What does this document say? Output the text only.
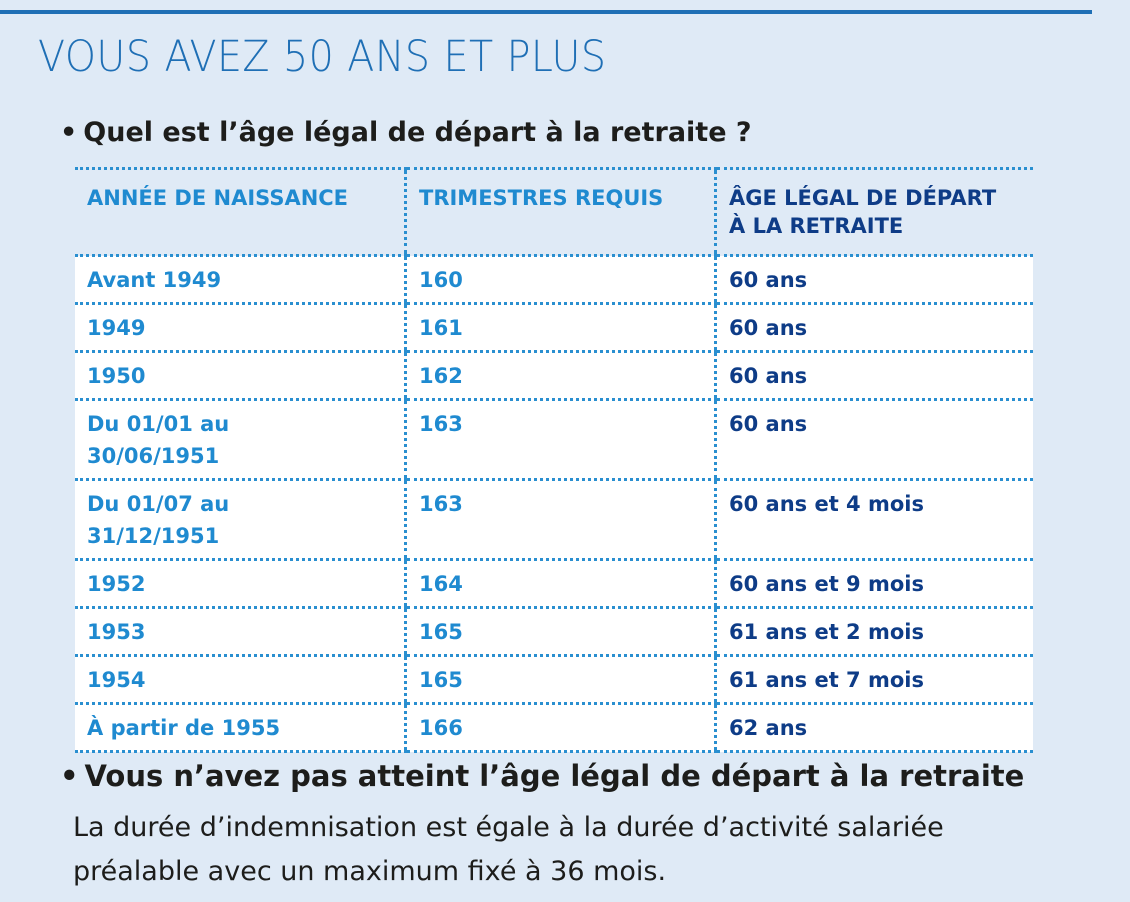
VOUS AVEZ 50 ANS ET PLUS
• Quel est l’âge légal de départ à la retraite ?
ANNÉE DE NAISSANCE	TRIMESTRES REQUIS	ÂGE LÉGAL DE DÉPART
À LA RETRAITE

Avant 1949	160	60 ans

1949	161	60 ans

1950	162	60 ans

Du 01/01 au
30/06/1951	163	60 ans

Du 01/07 au
31/12/1951	163	60 ans et 4 mois

1952	164	60 ans et 9 mois

1953	165	61 ans et 2 mois

1954	165	61 ans et 7 mois

À partir de 1955	166	62 ans
• Vous n’avez pas atteint l’âge légal de départ à la retraite
La durée d’indemnisation est égale à la durée d’activité salariée
préalable avec un maximum fixé à 36 mois.
